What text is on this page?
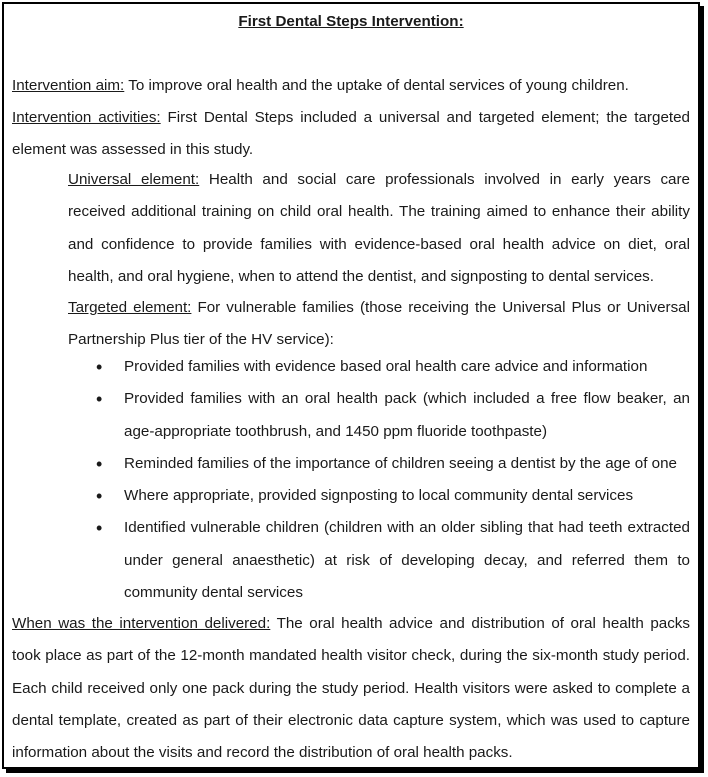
First Dental Steps Intervention:

Intervention aim: To improve oral health and the uptake of dental services of young children.

Intervention activities: First Dental Steps included a universal and targeted element; the targeted element was assessed in this study.

Universal element: Health and social care professionals involved in early years care received additional training on child oral health. The training aimed to enhance their ability and confidence to provide families with evidence-based oral health advice on diet, oral health, and oral hygiene, when to attend the dentist, and signposting to dental services.

Targeted element: For vulnerable families (those receiving the Universal Plus or Universal Partnership Plus tier of the HV service):

• Provided families with evidence based oral health care advice and information
• Provided families with an oral health pack (which included a free flow beaker, an age-appropriate toothbrush, and 1450 ppm fluoride toothpaste)
• Reminded families of the importance of children seeing a dentist by the age of one
• Where appropriate, provided signposting to local community dental services
• Identified vulnerable children (children with an older sibling that had teeth extracted under general anaesthetic) at risk of developing decay, and referred them to community dental services

When was the intervention delivered: The oral health advice and distribution of oral health packs took place as part of the 12-month mandated health visitor check, during the six-month study period. Each child received only one pack during the study period. Health visitors were asked to complete a dental template, created as part of their electronic data capture system, which was used to capture information about the visits and record the distribution of oral health packs.
